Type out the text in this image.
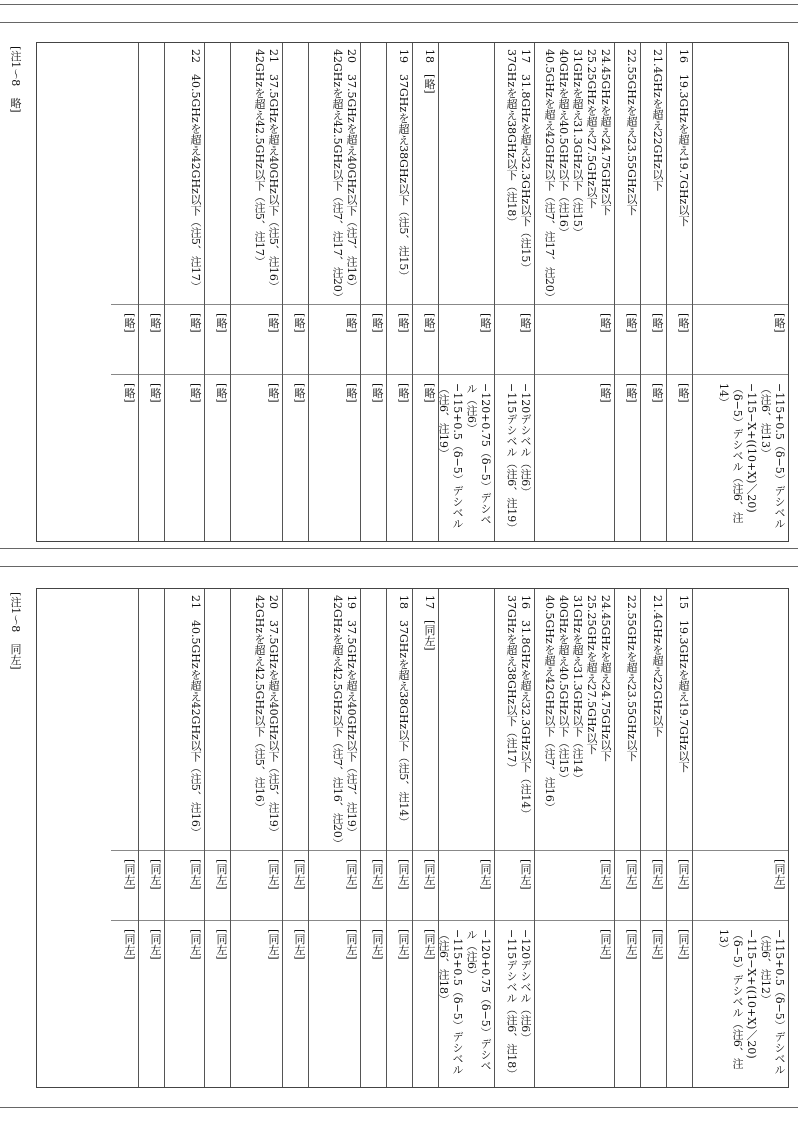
[注1〜8　略]
[略]
−115+0.5（δ−5）デシベル（注6、注13）
−115−X+((10+X)／20)（δ−5）デシベル（注6、注14）
16　19.3GHzを超え19.7GHz以下
[略]
[略]
21.4GHzを超え22GHz以下
[略]
[略]
22.55GHzを超え23.55GHz以下
[略]
[略]
24.45GHzを超え24.75GHz以下
25.25GHzを超え27.5GHz以下
31GHzを超え31.3GHz以下（注15）
40GHzを超え40.5GHz以下（注16）
40.5GHzを超え42GHz以下（注7、注17、注20）
[略]
[略]
17　31.8GHzを超え32.3GHz以下（注15）
37GHzを超え38GHz以下（注18）
[略]
−120デシベル（注6）
−115デシベル（注6、注19）
[略]
−120+0.75（δ−5）デシベル（注6）
−115+0.5（δ−5）デシベル（注6、注19）
18　[略]
[略]
[略]
19　37GHzを超え38GHz以下（注5、注15）
[略]
[略]
[略]
[略]
20　37.5GHzを超え40GHz以下（注7、注16）
42GHzを超え42.5GHz以下（注7、注17、注20）
[略]
[略]
[略]
[略]
21　37.5GHzを超え40GHz以下（注5、注16）
42GHzを超え42.5GHz以下（注5、注17）
[略]
[略]
[略]
[略]
22　40.5GHzを超え42GHz以下（注5、注17）
[略]
[略]
[略]
[略]
[略]
[略]
[注1〜8　同左]
[同左]
−115+0.5（δ−5）デシベル（注6、注12）
−115−X+((10+X)／20)（δ−5）デシベル（注6、注13）
15　19.3GHzを超え19.7GHz以下
[同左]
[同左]
21.4GHzを超え22GHz以下
[同左]
[同左]
22.55GHzを超え23.55GHz以下
[同左]
[同左]
24.45GHzを超え24.75GHz以下
25.25GHzを超え27.5GHz以下
31GHzを超え31.3GHz以下（注14）
40GHzを超え40.5GHz以下（注15）
40.5GHzを超え42GHz以下（注7、注16）
[同左]
[同左]
16　31.8GHzを超え32.3GHz以下（注14）
37GHzを超え38GHz以下（注17）
[同左]
−120デシベル（注6）
−115デシベル（注6、注18）
[同左]
−120+0.75（δ−5）デシベル（注6）
−115+0.5（δ−5）デシベル（注6、注18）
17　[同左]
[同左]
[同左]
18　37GHzを超え38GHz以下（注5、注14）
[同左]
[同左]
[同左]
[同左]
19　37.5GHzを超え40GHz以下（注7、注19）
42GHzを超え42.5GHz以下（注7、注16、注20）
[同左]
[同左]
[同左]
[同左]
20　37.5GHzを超え40GHz以下（注5、注19）
42GHzを超え42.5GHz以下（注5、注16）
[同左]
[同左]
[同左]
[同左]
21　40.5GHzを超え42GHz以下（注5、注16）
[同左]
[同左]
[同左]
[同左]
[同左]
[同左]
